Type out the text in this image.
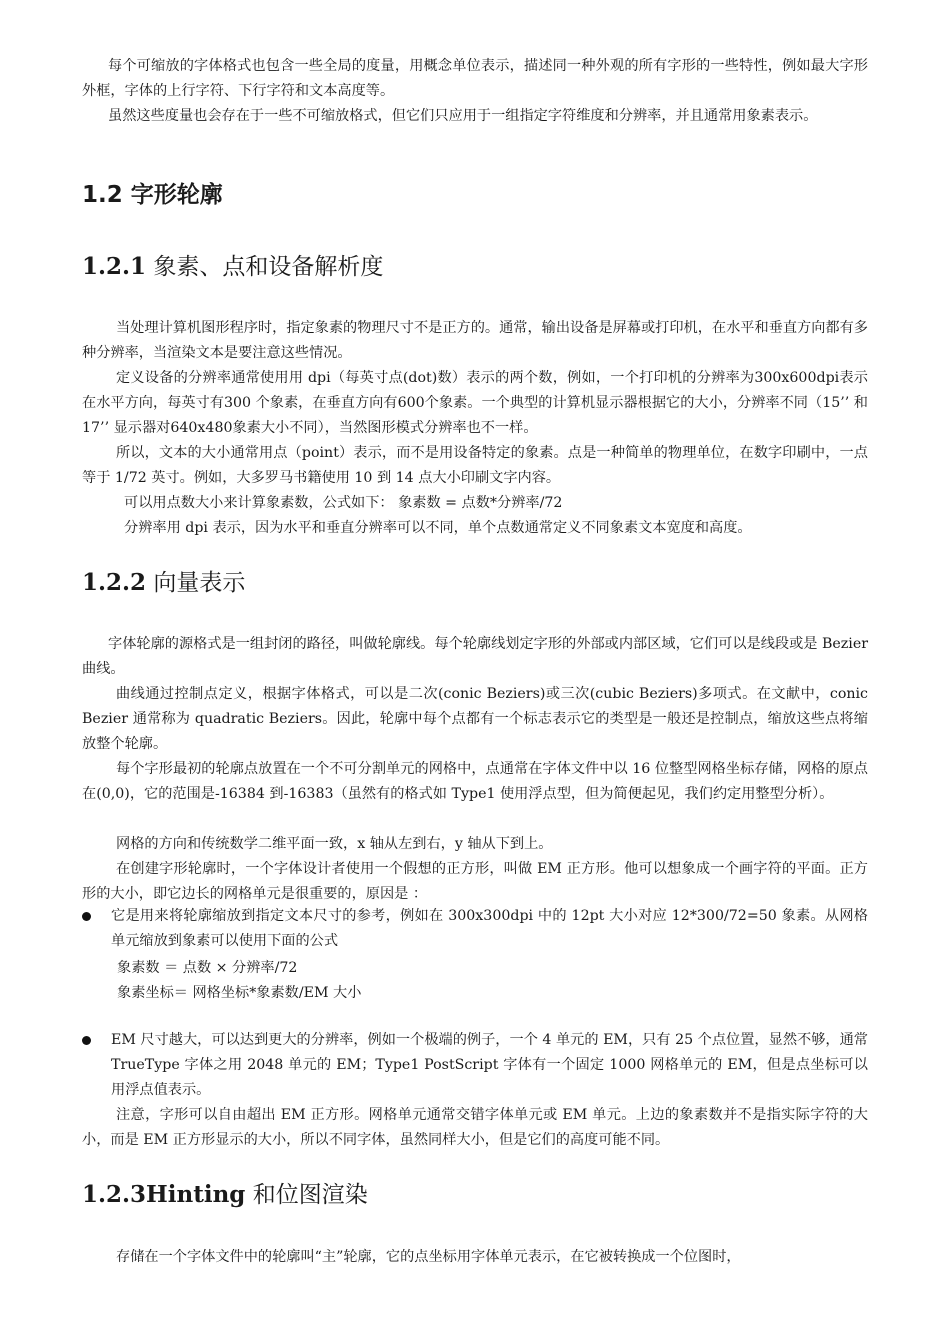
每个可缩放的字体格式也包含一些全局的度量，用概念单位表示，描述同一种外观的所有字形的一些特性，例如最大字形外框，字体的上行字符、下行字符和文本高度等。

虽然这些度量也会存在于一些不可缩放格式，但它们只应用于一组指定字符维度和分辨率，并且通常用象素表示。

1.2 字形轮廓
1.2.1 象素、点和设备解析度

当处理计算机图形程序时，指定象素的物理尺寸不是正方的。通常，输出设备是屏幕或打印机，在水平和垂直方向都有多种分辨率，当渲染文本是要注意这些情况。

定义设备的分辨率通常使用用 dpi（每英寸点(dot)数）表示的两个数，例如，一个打印机的分辨率为300x600dpi表示在水平方向，每英寸有300 个象素，在垂直方向有600个象素。一个典型的计算机显示器根据它的大小，分辨率不同（15’’ 和17’’ 显示器对640x480象素大小不同），当然图形模式分辨率也不一样。

所以，文本的大小通常用点（point）表示，而不是用设备特定的象素。点是一种简单的物理单位，在数字印刷中，一点等于 1/72 英寸。例如，大多罗马书籍使用 10 到 14 点大小印刷文字内容。

可以用点数大小来计算象素数，公式如下： 象素数 = 点数*分辨率/72

分辨率用 dpi 表示，因为水平和垂直分辨率可以不同，单个点数通常定义不同象素文本宽度和高度。

1.2.2 向量表示

字体轮廓的源格式是一组封闭的路径，叫做轮廓线。每个轮廓线划定字形的外部或内部区域，它们可以是线段或是 Bezier 曲线。

曲线通过控制点定义，根据字体格式，可以是二次(conic Beziers)或三次(cubic Beziers)多项式。在文献中，conic Bezier 通常称为 quadratic Beziers。因此，轮廓中每个点都有一个标志表示它的类型是一般还是控制点，缩放这些点将缩放整个轮廓。

每个字形最初的轮廓点放置在一个不可分割单元的网格中，点通常在字体文件中以 16 位整型网格坐标存储，网格的原点在(0,0)，它的范围是-16384 到-16383（虽然有的格式如 Type1 使用浮点型，但为简便起见，我们约定用整型分析）。

网格的方向和传统数学二维平面一致，x 轴从左到右，y 轴从下到上。

在创建字形轮廓时，一个字体设计者使用一个假想的正方形，叫做 EM 正方形。他可以想象成一个画字符的平面。正方形的大小，即它边长的网格单元是很重要的，原因是 ：

它是用来将轮廓缩放到指定文本尺寸的参考，例如在 300x300dpi 中的 12pt 大小对应 12*300/72=50 象素。从网格单元缩放到象素可以使用下面的公式

象素数 ＝ 点数 × 分辨率/72

象素坐标＝ 网格坐标*象素数/EM 大小

EM 尺寸越大，可以达到更大的分辨率，例如一个极端的例子，一个 4 单元的 EM，只有 25 个点位置，显然不够，通常 TrueType 字体之用 2048 单元的 EM；Type1 PostScript 字体有一个固定 1000 网格单元的 EM，但是点坐标可以用浮点值表示。

注意，字形可以自由超出 EM 正方形。网格单元通常交错字体单元或 EM 单元。上边的象素数并不是指实际字符的大小，而是 EM 正方形显示的大小，所以不同字体，虽然同样大小，但是它们的高度可能不同。

1.2.3Hinting 和位图渲染

存储在一个字体文件中的轮廓叫“主”轮廓，它的点坐标用字体单元表示，在它被转换成一个位图时，
